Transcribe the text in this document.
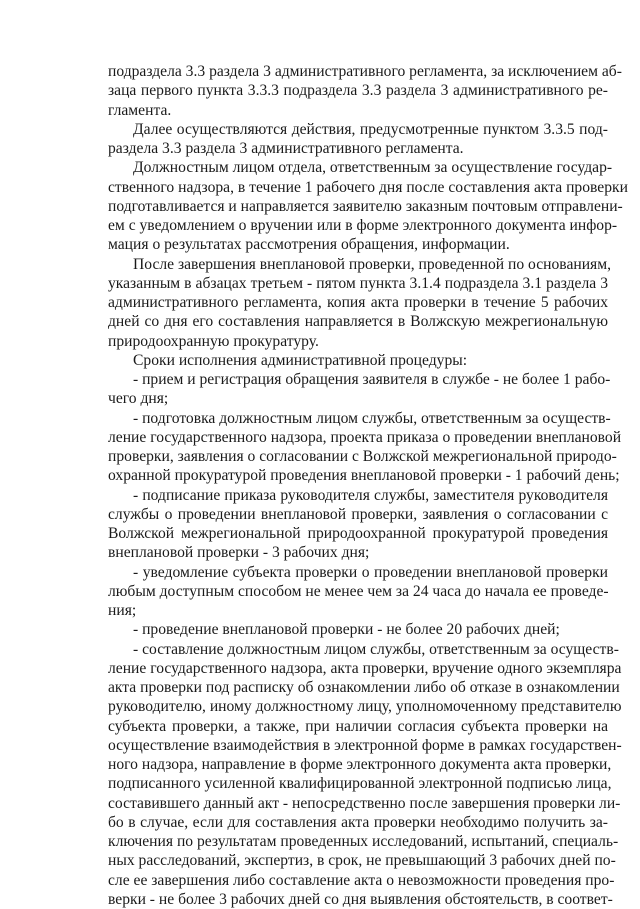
подраздела 3.3 раздела 3 административного регламента, за исключением аб-
заца первого пункта 3.3.3 подраздела 3.3 раздела 3 административного ре-
гламента.

Далее осуществляются действия, предусмотренные пунктом 3.3.5 под-
раздела 3.3 раздела 3 административного регламента.

Должностным лицом отдела, ответственным за осуществление государ-
ственного надзора, в течение 1 рабочего дня после составления акта проверки
подготавливается и направляется заявителю заказным почтовым отправлени-
ем с уведомлением о вручении или в форме электронного документа инфор-
мация о результатах рассмотрения обращения, информации.

После завершения внеплановой проверки, проведенной по основаниям,
указанным в абзацах третьем - пятом пункта 3.1.4 подраздела 3.1 раздела 3
административного регламента, копия акта проверки в течение 5 рабочих
дней со дня его составления направляется в Волжскую межрегиональную
природоохранную прокуратуру.

Сроки исполнения административной процедуры:

- прием и регистрация обращения заявителя в службе - не более 1 рабо-
чего дня;

- подготовка должностным лицом службы, ответственным за осуществ-
ление государственного надзора, проекта приказа о проведении внеплановой
проверки, заявления о согласовании с Волжской межрегиональной природо-
охранной прокуратурой проведения внеплановой проверки - 1 рабочий день;

- подписание приказа руководителя службы, заместителя руководителя
службы о проведении внеплановой проверки, заявления о согласовании с
Волжской межрегиональной природоохранной прокуратурой проведения
внеплановой проверки - 3 рабочих дня;

- уведомление субъекта проверки о проведении внеплановой проверки
любым доступным способом не менее чем за 24 часа до начала ее проведе-
ния;

- проведение внеплановой проверки - не более 20 рабочих дней;

- составление должностным лицом службы, ответственным за осуществ-
ление государственного надзора, акта проверки, вручение одного экземпляра
акта проверки под расписку об ознакомлении либо об отказе в ознакомлении
руководителю, иному должностному лицу, уполномоченному представителю
субъекта проверки, а также, при наличии согласия субъекта проверки на
осуществление взаимодействия в электронной форме в рамках государствен-
ного надзора, направление в форме электронного документа акта проверки,
подписанного усиленной квалифицированной электронной подписью лица,
составившего данный акт - непосредственно после завершения проверки ли-
бо в случае, если для составления акта проверки необходимо получить за-
ключения по результатам проведенных исследований, испытаний, специаль-
ных расследований, экспертиз, в срок, не превышающий 3 рабочих дней по-
сле ее завершения либо составление акта о невозможности проведения про-
верки - не более 3 рабочих дней со дня выявления обстоятельств, в соответ-
